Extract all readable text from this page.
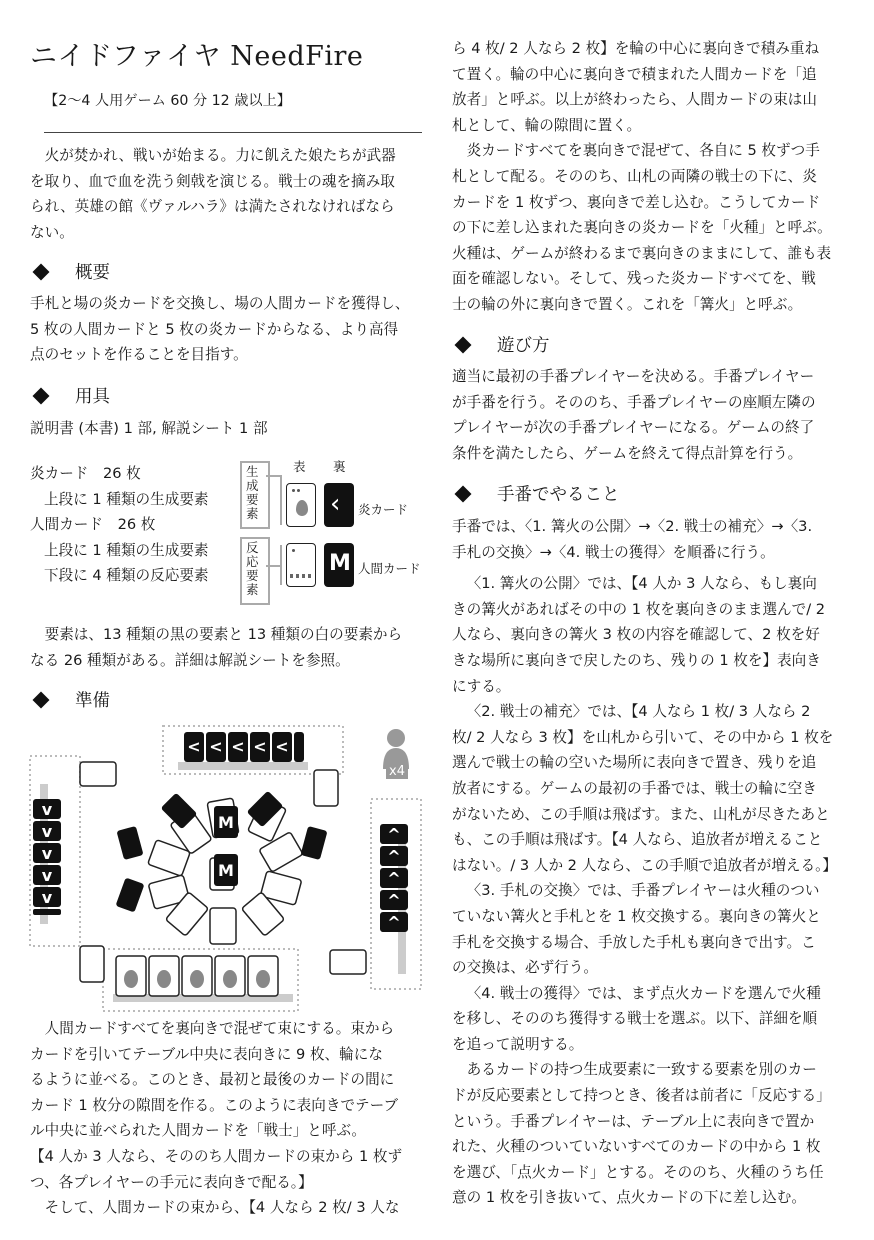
ニイドファイヤ NeedFire
【2〜4 人用ゲーム 60 分 12 歳以上】

火が焚かれ、戦いが始まる。力に飢えた娘たちが武器

を取り、血で血を洗う剣戟を演じる。戦士の魂を摘み取

られ、英雄の館《ヴァルハラ》は満たされなければなら

ない。

概要

手札と場の炎カードを交換し、場の人間カードを獲得し、

5 枚の人間カードと 5 枚の炎カードからなる、より高得

点のセットを作ることを目指す。

用具

説明書 (本書) 1 部, 解説シート 1 部

炎カード　26 枚

上段に 1 種類の生成要素

人間カード　26 枚

上段に 1 種類の生成要素

下段に 4 種類の反応要素

表 裏
生成要素	‹ 炎カード
反応要素
M 人間カード

要素は、13 種類の黒の要素と 13 種類の白の要素から

なる 26 種類がある。詳細は解説シートを参照。

準備
M
M
< < < < <
v
v
v
v
v
^
^
^
^
^
x4

人間カードすべてを裏向きで混ぜて束にする。束から

カードを引いてテーブル中央に表向きに 9 枚、輪にな

るように並べる。このとき、最初と最後のカードの間に

カード 1 枚分の隙間を作る。このように表向きでテーブ

ル中央に並べられた人間カードを「戦士」と呼ぶ。

【4 人か 3 人なら、そののち人間カードの束から 1 枚ず

つ、各プレイヤーの手元に表向きで配る。】

そして、人間カードの束から、【4 人なら 2 枚/ 3 人な

ら 4 枚/ 2 人なら 2 枚】を輪の中心に裏向きで積み重ね

て置く。輪の中心に裏向きで積まれた人間カードを「追

放者」と呼ぶ。以上が終わったら、人間カードの束は山

札として、輪の隙間に置く。

炎カードすべてを裏向きで混ぜて、各自に 5 枚ずつ手

札として配る。そののち、山札の両隣の戦士の下に、炎

カードを 1 枚ずつ、裏向きで差し込む。こうしてカード

の下に差し込まれた裏向きの炎カードを「火種」と呼ぶ。

火種は、ゲームが終わるまで裏向きのままにして、誰も表

面を確認しない。そして、残った炎カードすべてを、戦

士の輪の外に裏向きで置く。これを「篝火」と呼ぶ。

遊び方

適当に最初の手番プレイヤーを決める。手番プレイヤー

が手番を行う。そののち、手番プレイヤーの座順左隣の

プレイヤーが次の手番プレイヤーになる。ゲームの終了

条件を満たしたら、ゲームを終えて得点計算を行う。

手番でやること

手番では、〈1. 篝火の公開〉→〈2. 戦士の補充〉→〈3.

手札の交換〉→〈4. 戦士の獲得〉を順番に行う。

〈1. 篝火の公開〉では、【4 人か 3 人なら、もし裏向

きの篝火があればその中の 1 枚を裏向きのまま選んで/ 2

人なら、裏向きの篝火 3 枚の内容を確認して、2 枚を好

きな場所に裏向きで戻したのち、残りの 1 枚を】表向き

にする。

〈2. 戦士の補充〉では、【4 人なら 1 枚/ 3 人なら 2

枚/ 2 人なら 3 枚】を山札から引いて、その中から 1 枚を

選んで戦士の輪の空いた場所に表向きで置き、残りを追

放者にする。ゲームの最初の手番では、戦士の輪に空き

がないため、この手順は飛ばす。また、山札が尽きたあと

も、この手順は飛ばす。【4 人なら、追放者が増えること

はない。/ 3 人か 2 人なら、この手順で追放者が増える。】

〈3. 手札の交換〉では、手番プレイヤーは火種のつい

ていない篝火と手札とを 1 枚交換する。裏向きの篝火と

手札を交換する場合、手放した手札も裏向きで出す。こ

の交換は、必ず行う。

〈4. 戦士の獲得〉では、まず点火カードを選んで火種

を移し、そののち獲得する戦士を選ぶ。以下、詳細を順

を追って説明する。

あるカードの持つ生成要素に一致する要素を別のカー

ドが反応要素として持つとき、後者は前者に「反応する」

という。手番プレイヤーは、テーブル上に表向きで置か

れた、火種のついていないすべてのカードの中から 1 枚

を選び、「点火カード」とする。そののち、火種のうち任

意の 1 枚を引き抜いて、点火カードの下に差し込む。
